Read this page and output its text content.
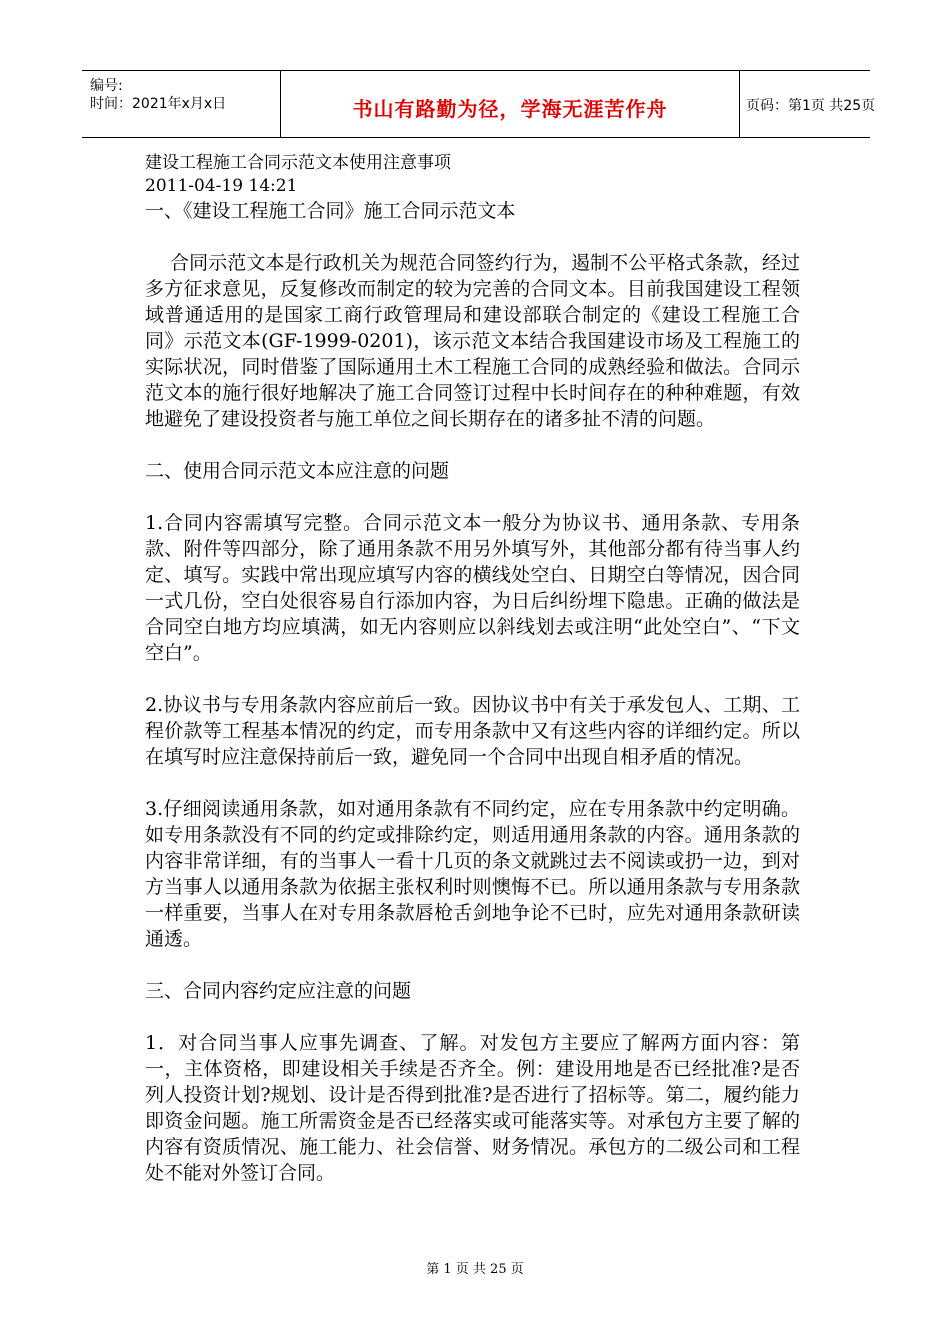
编号:
时间：2021年x月x日	书山有路勤为径，学海无涯苦作舟	页码：第1页 共25页
建设工程施工合同示范文本使用注意事项
2011-04-19 14:21
一、《建设工程施工合同》施工合同示范文本

合同示范文本是行政机关为规范合同签约行为，遏制不公平格式条款，经过多方征求意见，反复修改而制定的较为完善的合同文本。目前我国建设工程领域普通适用的是国家工商行政管理局和建设部联合制定的《建设工程施工合同》示范文本(GF-1999-0201)，该示范文本结合我国建设市场及工程施工的实际状况，同时借鉴了国际通用土木工程施工合同的成熟经验和做法。合同示范文本的施行很好地解决了施工合同签订过程中长时间存在的种种难题，有效地避免了建设投资者与施工单位之间长期存在的诸多扯不清的问题。

二、使用合同示范文本应注意的问题

1.合同内容需填写完整。合同示范文本一般分为协议书、通用条款、专用条款、附件等四部分，除了通用条款不用另外填写外，其他部分都有待当事人约定、填写。实践中常出现应填写内容的横线处空白、日期空白等情况，因合同一式几份，空白处很容易自行添加内容，为日后纠纷埋下隐患。正确的做法是合同空白地方均应填满，如无内容则应以斜线划去或注明“此处空白”、“下文空白”。

2.协议书与专用条款内容应前后一致。因协议书中有关于承发包人、工期、工程价款等工程基本情况的约定，而专用条款中又有这些内容的详细约定。所以在填写时应注意保持前后一致，避免同一个合同中出现自相矛盾的情况。

3.仔细阅读通用条款，如对通用条款有不同约定，应在专用条款中约定明确。如专用条款没有不同的约定或排除约定，则适用通用条款的内容。通用条款的内容非常详细，有的当事人一看十几页的条文就跳过去不阅读或扔一边，到对方当事人以通用条款为依据主张权利时则懊悔不已。所以通用条款与专用条款一样重要，当事人在对专用条款唇枪舌剑地争论不已时，应先对通用条款研读通透。

三、合同内容约定应注意的问题

1．对合同当事人应事先调查、了解。对发包方主要应了解两方面内容：第一，主体资格，即建设相关手续是否齐全。例：建设用地是否已经批准?是否列人投资计划?规划、设计是否得到批准?是否进行了招标等。第二，履约能力即资金问题。施工所需资金是否已经落实或可能落实等。对承包方主要了解的内容有资质情况、施工能力、社会信誉、财务情况。承包方的二级公司和工程处不能对外签订合同。

第 1 页 共 25 页
